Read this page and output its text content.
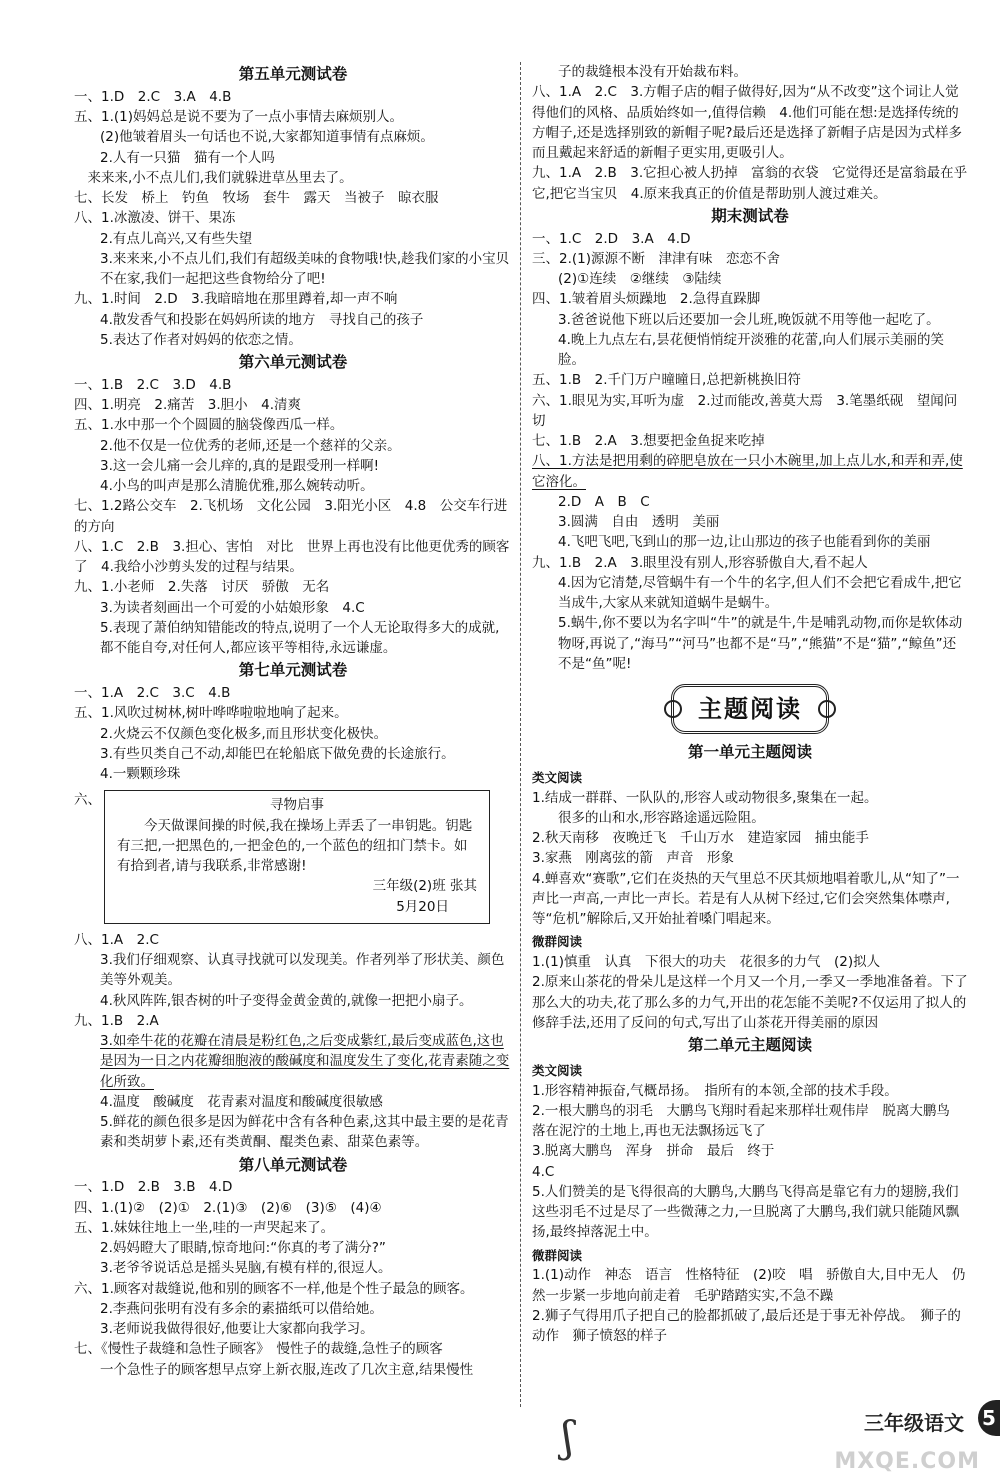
第五单元测试卷

一、1.D　2.C　3.A　4.B

五、1.(1)妈妈总是说不要为了一点小事情去麻烦别人。

(2)他皱着眉头一句话也不说,大家都知道事情有点麻烦。

2.人有一只猫　猫有一个人吗

　来来来,小不点儿们,我们就躲进草丛里去了。

七、长发　桥上　钓鱼　牧场　套牛　露天　当被子　晾衣服

八、1.冰激凌、饼干、果冻

2.有点儿高兴,又有些失望

3.来来来,小不点儿们,我们有超级美味的食物哦!快,趁我们家的小宝贝不在家,我们一起把这些食物给分了吧!

九、1.时间　2.D　3.我暗暗地在那里蹲着,却一声不响

4.散发香气和投影在妈妈所读的地方　寻找自己的孩子

5.表达了作者对妈妈的依恋之情。

第六单元测试卷

一、1.B　2.C　3.D　4.B

四、1.明亮　2.痛苦　3.胆小　4.清爽

五、1.水中那一个个圆圆的脑袋像西瓜一样。

2.他不仅是一位优秀的老师,还是一个慈祥的父亲。

3.这一会儿痛一会儿痒的,真的是跟受刑一样啊!

4.小鸟的叫声是那么清脆优雅,那么婉转动听。

七、1.2路公交车　2.飞机场　文化公园　3.阳光小区　4.8　公交车行进的方向

八、1.C　2.B　3.担心、害怕　对比　世界上再也没有比他更优秀的顾客了　4.我给小沙剪头发的过程与结果。

九、1.小老师　2.失落　讨厌　骄傲　无名

3.为读者刻画出一个可爱的小姑娘形象　4.C

5.表现了萧伯纳知错能改的特点,说明了一个人无论取得多大的成就,都不能自夸,对任何人,都应该平等相待,永远谦虚。

第七单元测试卷

一、1.A　2.C　3.C　4.B

五、1.风吹过树林,树叶哗哗啦啦地响了起来。

2.火烧云不仅颜色变化极多,而且形状变化极快。

3.有些贝类自己不动,却能巴在轮船底下做免费的长途旅行。

4.一颗颗珍珠

六、	寻物启事

今天做课间操的时候,我在操场上弄丢了一串钥匙。钥匙有三把,一把黑色的,一把金色的,一个蓝色的纽扣门禁卡。如有拾到者,请与我联系,非常感谢!

三年级(2)班 张其

5月20日

八、1.A　2.C

3.我们仔细观察、认真寻找就可以发现美。作者列举了形状美、颜色美等外观美。

4.秋风阵阵,银杏树的叶子变得金黄金黄的,就像一把把小扇子。

九、1.B　2.A

3.如牵牛花的花瓣在清晨是粉红色,之后变成紫红,最后变成蓝色,这也是因为一日之内花瓣细胞液的酸碱度和温度发生了变化,花青素随之变化所致。

4.温度　酸碱度　花青素对温度和酸碱度很敏感

5.鲜花的颜色很多是因为鲜花中含有各种色素,这其中最主要的是花青素和类胡萝卜素,还有类黄酮、醌类色素、甜菜色素等。

第八单元测试卷

一、1.D　2.B　3.B　4.D

四、1.(1)②　(2)①　2.(1)③　(2)⑥　(3)⑤　(4)④

五、1.妹妹往地上一坐,哇的一声哭起来了。

2.妈妈瞪大了眼睛,惊奇地问:“你真的考了满分?”

3.老爷爷说话总是摇头晃脑,有模有样的,很逗人。

六、1.顾客对裁缝说,他和别的顾客不一样,他是个性子最急的顾客。

2.李燕问张明有没有多余的素描纸可以借给她。

3.老师说我做得很好,他要让大家都向我学习。

七、《慢性子裁缝和急性子顾客》　慢性子的裁缝,急性子的顾客

一个急性子的顾客想早点穿上新衣服,连改了几次主意,结果慢性

子的裁缝根本没有开始裁布料。

八、1.A　2.C　3.方帽子店的帽子做得好,因为“从不改变”这个词让人觉得他们的风格、品质始终如一,值得信赖　4.他们可能在想:是选择传统的方帽子,还是选择别致的新帽子呢?最后还是选择了新帽子店是因为式样多而且戴起来舒适的新帽子更实用,更吸引人。

九、1.A　2.B　3.它担心被人扔掉　富翁的衣袋　它觉得还是富翁最在乎它,把它当宝贝　4.原来我真正的价值是帮助别人渡过难关。

期末测试卷

一、1.C　2.D　3.A　4.D

三、2.(1)源源不断　津津有味　恋恋不舍

(2)①连续　②继续　③陆续

四、1.皱着眉头烦躁地　2.急得直跺脚

3.爸爸说他下班以后还要加一会儿班,晚饭就不用等他一起吃了。

4.晚上九点左右,昙花便悄悄绽开淡雅的花蕾,向人们展示美丽的笑脸。

五、1.B　2.千门万户曈曈日,总把新桃换旧符

六、1.眼见为实,耳听为虚　2.过而能改,善莫大焉　3.笔墨纸砚　望闻问切

七、1.B　2.A　3.想要把金鱼捉来吃掉

八、1.方法是把用剩的碎肥皂放在一只小木碗里,加上点儿水,和弄和弄,使它溶化。

2.D　A　B　C

3.圆满　自由　透明　美丽

4.飞吧飞吧,飞到山的那一边,让山那边的孩子也能看到你的美丽

九、1.B　2.A　3.眼里没有别人,形容骄傲自大,看不起人

4.因为它清楚,尽管蜗牛有一个牛的名字,但人们不会把它看成牛,把它当成牛,大家从来就知道蜗牛是蜗牛。

5.蜗牛,你不要以为名字叫“牛”的就是牛,牛是哺乳动物,而你是软体动物呀,再说了,“海马”“河马”也都不是“马”,“熊猫”不是“猫”,“鲸鱼”还不是“鱼”呢!

主题阅读
第一单元主题阅读

类文阅读

1.结成一群群、一队队的,形容人或动物很多,聚集在一起。

很多的山和水,形容路途遥远险阻。

2.秋天南移　夜晚迁飞　千山万水　建造家园　捕虫能手

3.家燕　刚离弦的箭　声音　形象

4.蝉喜欢“赛歌”,它们在炎热的天气里总不厌其烦地唱着歌儿,从“知了”一声比一声高,一声比一声长。若是有人从树下经过,它们会突然集体噤声,等“危机”解除后,又开始扯着嗓门唱起来。

微群阅读

1.(1)慎重　认真　下很大的功夫　花很多的力气　(2)拟人

2.原来山茶花的骨朵儿是这样一个月又一个月,一季又一季地准备着。下了那么大的功夫,花了那么多的力气,开出的花怎能不美呢?不仅运用了拟人的修辞手法,还用了反问的句式,写出了山茶花开得美丽的原因

第二单元主题阅读

类文阅读

1.形容精神振奋,气概昂扬。　指所有的本领,全部的技术手段。

2.一根大鹏鸟的羽毛　大鹏鸟飞翔时看起来那样壮观伟岸　脱离大鹏鸟　落在泥泞的土地上,再也无法飘扬远飞了

3.脱离大鹏鸟　浑身　拼命　最后　终于

4.C

5.人们赞美的是飞得很高的大鹏鸟,大鹏鸟飞得高是靠它有力的翅膀,我们这些羽毛不过是尽了一些微薄之力,一旦脱离了大鹏鸟,我们就只能随风飘扬,最终掉落泥土中。

微群阅读

1.(1)动作　神态　语言　性格特征　(2)咬　唱　骄傲自大,目中无人　仍然一步紧一步地向前走着　毛驴踏踏实实,不急不躁

2.狮子气得用爪子把自己的脸都抓破了,最后还是于事无补停战。　狮子的动作　狮子愤怒的样子

ʃ	三年级语文 5
MXQE.COM
